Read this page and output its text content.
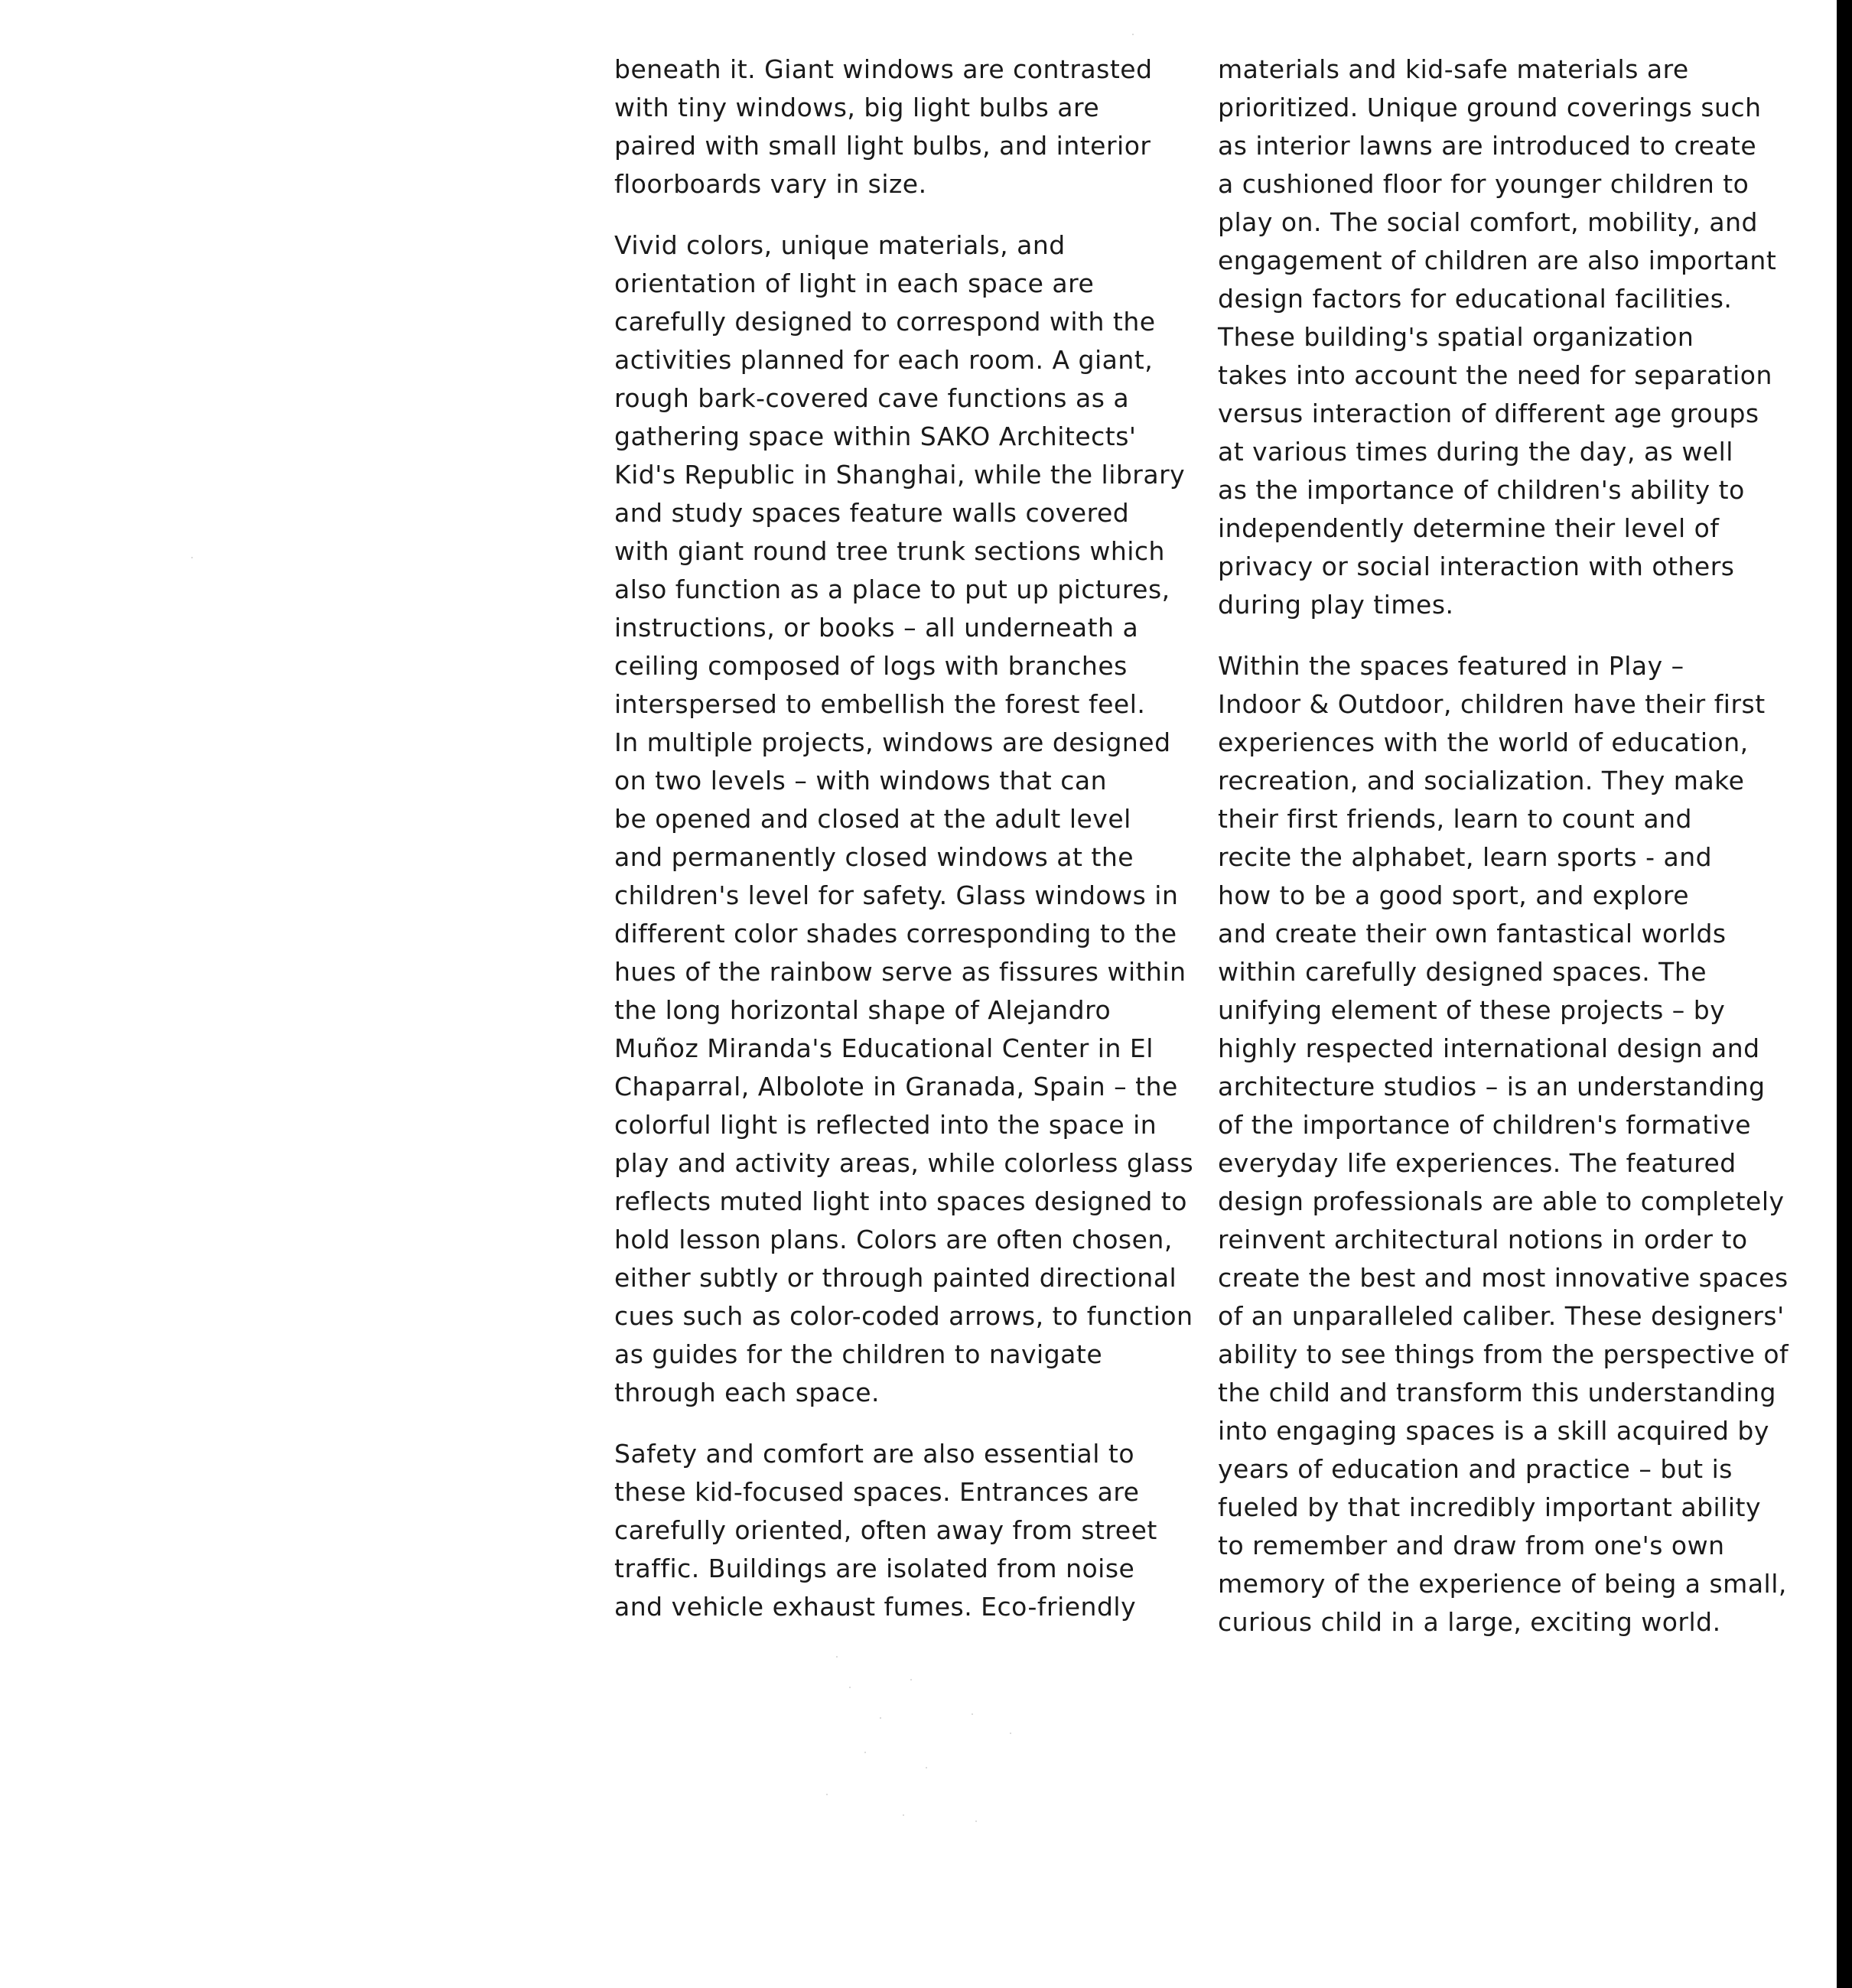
beneath it. Giant windows are contrasted
with tiny windows, big light bulbs are
paired with small light bulbs, and interior
floorboards vary in size.
Vivid colors, unique materials, and
orientation of light in each space are
carefully designed to correspond with the
activities planned for each room. A giant,
rough bark-covered cave functions as a
gathering space within SAKO Architects'
Kid's Republic in Shanghai, while the library
and study spaces feature walls covered
with giant round tree trunk sections which
also function as a place to put up pictures,
instructions, or books – all underneath a
ceiling composed of logs with branches
interspersed to embellish the forest feel.
In multiple projects, windows are designed
on two levels – with windows that can
be opened and closed at the adult level
and permanently closed windows at the
children's level for safety. Glass windows in
different color shades corresponding to the
hues of the rainbow serve as fissures within
the long horizontal shape of Alejandro
Muñoz Miranda's Educational Center in El
Chaparral, Albolote in Granada, Spain – the
colorful light is reflected into the space in
play and activity areas, while colorless glass
reflects muted light into spaces designed to
hold lesson plans. Colors are often chosen,
either subtly or through painted directional
cues such as color-coded arrows, to function
as guides for the children to navigate
through each space.
Safety and comfort are also essential to
these kid-focused spaces. Entrances are
carefully oriented, often away from street
traffic. Buildings are isolated from noise
and vehicle exhaust fumes. Eco-friendly
materials and kid-safe materials are
prioritized. Unique ground coverings such
as interior lawns are introduced to create
a cushioned floor for younger children to
play on. The social comfort, mobility, and
engagement of children are also important
design factors for educational facilities.
These building's spatial organization
takes into account the need for separation
versus interaction of different age groups
at various times during the day, as well
as the importance of children's ability to
independently determine their level of
privacy or social interaction with others
during play times.
Within the spaces featured in Play –
Indoor & Outdoor, children have their first
experiences with the world of education,
recreation, and socialization. They make
their first friends, learn to count and
recite the alphabet, learn sports - and
how to be a good sport, and explore
and create their own fantastical worlds
within carefully designed spaces. The
unifying element of these projects – by
highly respected international design and
architecture studios – is an understanding
of the importance of children's formative
everyday life experiences. The featured
design professionals are able to completely
reinvent architectural notions in order to
create the best and most innovative spaces
of an unparalleled caliber. These designers'
ability to see things from the perspective of
the child and transform this understanding
into engaging spaces is a skill acquired by
years of education and practice – but is
fueled by that incredibly important ability
to remember and draw from one's own
memory of the experience of being a small,
curious child in a large, exciting world.
